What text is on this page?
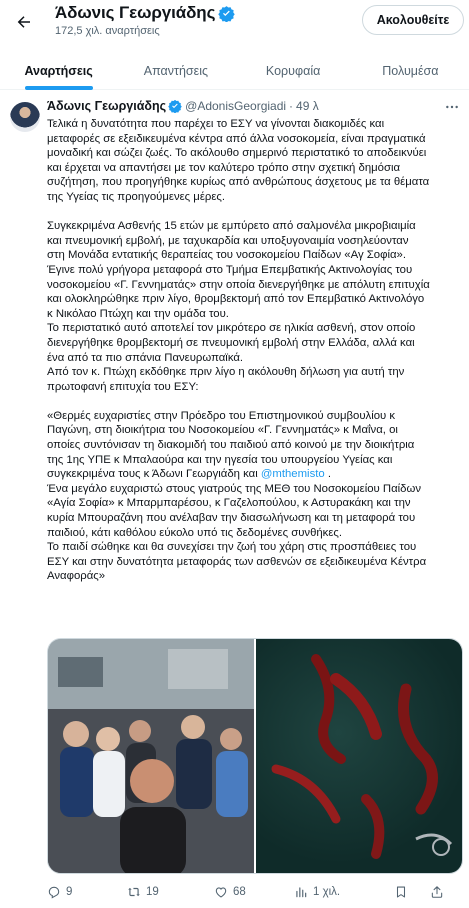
Άδωνις Γεωργιάδης
172,5 χιλ. αναρτήσεις
Ακολουθείτε
Αναρτήσεις	Απαντήσεις	Κορυφαία	Πολυμέσα
Άδωνις Γεωργιάδης @AdonisGeorgiadi · 49 λ

Τελικά η δυνατότητα που παρέχει το ΕΣΥ να γίνονται διακομιδές και

μεταφορές σε εξειδικευμένα κέντρα από άλλα νοσοκομεία, είναι πραγματικά

μοναδική και σώζει ζωές. Το ακόλουθο σημερινό περιστατικό το αποδεικνύει

και έρχεται να απαντήσει με τον καλύτερο τρόπο στην σχετική δημόσια

συζήτηση, που προηγήθηκε κυρίως από ανθρώπους άσχετους με τα θέματα

της Υγείας τις προηγούμενες μέρες.

Συγκεκριμένα Ασθενής 15 ετών με εμπύρετο από σαλμονέλα μικροβιαιμία

και πνευμονική εμβολή, με ταχυκαρδία και υποξυγοναιμία νοσηλεύονταν

στη Μονάδα εντατικής θεραπείας του νοσοκομείου Παίδων «Αγ Σοφία».

Έγινε πολύ γρήγορα μεταφορά στο Τμήμα Επεμβατικής Ακτινολογίας του

νοσοκομείου «Γ. Γεννηματάς» στην οποία διενεργήθηκε με απόλυτη επιτυχία

και ολοκληρώθηκε πριν λίγο, θρομβεκτομή από τον Επεμβατικό Ακτινολόγο

κ Νικόλαο Πτώχη και την ομάδα του.

Το περιστατικό αυτό αποτελεί τον μικρότερο σε ηλικία ασθενή, στον οποίο

διενεργήθηκε θρομβεκτομή σε πνευμονική εμβολή στην Ελλάδα, αλλά και

ένα από τα πιο σπάνια Πανευρωπαϊκά.

Από τον κ. Πτώχη εκδόθηκε πριν λίγο η ακόλουθη δήλωση για αυτή την

πρωτοφανή επιτυχία του ΕΣΥ:

«Θερμές ευχαριστίες στην Πρόεδρο του Επιστημονικού συμβουλίου κ

Παγώνη, στη διοικήτρια του Νοσοκομείου «Γ. Γεννηματάς» κ Μαΐνα, οι

οποίες συντόνισαν τη διακομιδή του παιδιού από κοινού με την διοικήτρια

της 1ης ΥΠΕ κ Μπαλαούρα και την ηγεσία του υπουργείου Υγείας και

συγκεκριμένα τους κ Άδωνι Γεωργιάδη και @mthemisto .

Ένα μεγάλο ευχαριστώ στους γιατρούς της ΜΕΘ του Νοσοκομείου Παίδων

«Αγία Σοφία» κ Μπαρμπαρέσου, κ Γαζελοπούλου, κ Αστυρακάκη και την

κυρία Μπουραζάνη που ανέλαβαν την διασωλήνωση και τη μεταφορά του

παιδιού, κάτι καθόλου εύκολο υπό τις δεδομένες συνθήκες.

Το παιδί σώθηκε και θα συνεχίσει την ζωή του χάρη στις προσπάθειες του

ΕΣΥ και στην δυνατότητα μεταφοράς των ασθενών σε εξειδικευμένα Κέντρα

Αναφοράς»

9	19	68	1 χιλ.
